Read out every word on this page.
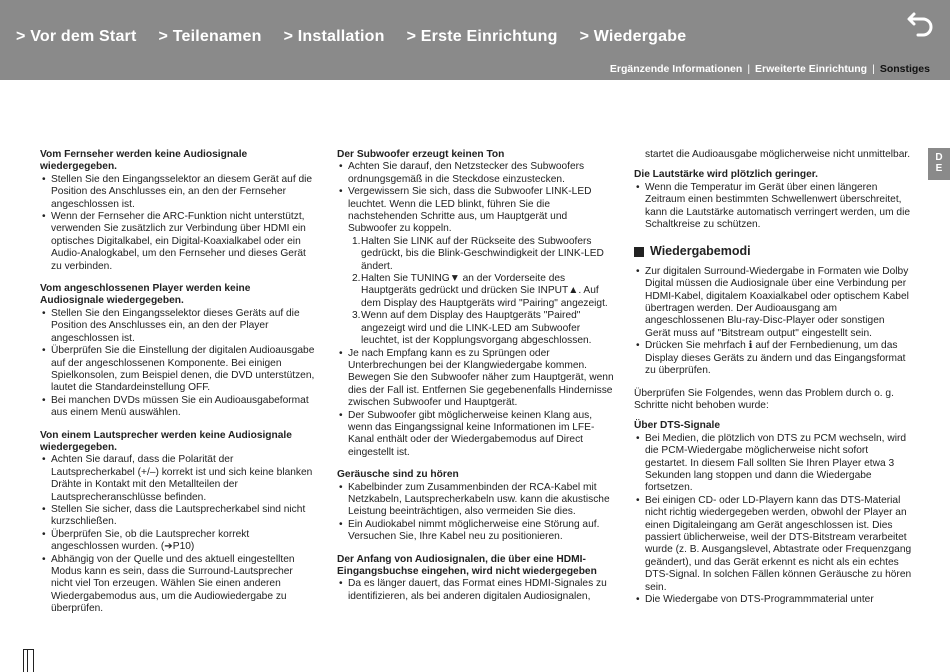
> Vor dem Start > Teilenamen > Installation > Erste Einrichtung > Wiedergabe
Ergänzende Informationen | Erweiterte Einrichtung | Sonstiges
D
E
Vom Fernseher werden keine Audiosignale wiedergegeben.
• Stellen Sie den Eingangsselektor an diesem Gerät auf die Position des Anschlusses ein, an den der Fernseher angeschlossen ist.
• Wenn der Fernseher die ARC-Funktion nicht unterstützt, verwenden Sie zusätzlich zur Verbindung über HDMI ein optisches Digitalkabel, ein Digital-Koaxialkabel oder ein Audio-Analogkabel, um den Fernseher und dieses Gerät zu verbinden.
Vom angeschlossenen Player werden keine Audiosignale wiedergegeben.
• Stellen Sie den Eingangsselektor dieses Geräts auf die Position des Anschlusses ein, an den der Player angeschlossen ist.
• Überprüfen Sie die Einstellung der digitalen Audioausgabe auf der angeschlossenen Komponente. Bei einigen Spielkonsolen, zum Beispiel denen, die DVD unterstützen, lautet die Standardeinstellung OFF.
• Bei manchen DVDs müssen Sie ein Audioausgabeformat aus einem Menü auswählen.
Von einem Lautsprecher werden keine Audiosignale wiedergegeben.
• Achten Sie darauf, dass die Polarität der Lautsprecherkabel (+/–) korrekt ist und sich keine blanken Drähte in Kontakt mit den Metallteilen der Lautsprecheranschlüsse befinden.
• Stellen Sie sicher, dass die Lautsprecherkabel sind nicht kurzschließen.
• Überprüfen Sie, ob die Lautsprecher korrekt angeschlossen wurden. (➔P10)
• Abhängig von der Quelle und des aktuell eingestellten Modus kann es sein, dass die Surround-Lautsprecher nicht viel Ton erzeugen. Wählen Sie einen anderen Wiedergabemodus aus, um die Audiowiedergabe zu überprüfen.
Der Subwoofer erzeugt keinen Ton
• Achten Sie darauf, den Netzstecker des Subwoofers ordnungsgemäß in die Steckdose einzustecken.
• Vergewissern Sie sich, dass die Subwoofer LINK-LED leuchtet. Wenn die LED blinkt, führen Sie die nachstehenden Schritte aus, um Hauptgerät und Subwoofer zu koppeln.
1. Halten Sie LINK auf der Rückseite des Subwoofers gedrückt, bis die Blink-Geschwindigkeit der LINK-LED ändert.
2. Halten Sie TUNING▼ an der Vorderseite des Hauptgeräts gedrückt und drücken Sie INPUT▲. Auf dem Display des Hauptgeräts wird "Pairing" angezeigt.
3. Wenn auf dem Display des Hauptgeräts "Paired" angezeigt wird und die LINK-LED am Subwoofer leuchtet, ist der Kopplungsvorgang abgeschlossen.
• Je nach Empfang kann es zu Sprüngen oder Unterbrechungen bei der Klangwiedergabe kommen. Bewegen Sie den Subwoofer näher zum Hauptgerät, wenn dies der Fall ist. Entfernen Sie gegebenenfalls Hindernisse zwischen Subwoofer und Hauptgerät.
• Der Subwoofer gibt möglicherweise keinen Klang aus, wenn das Eingangssignal keine Informationen im LFE-Kanal enthält oder der Wiedergabemodus auf Direct eingestellt ist.
Geräusche sind zu hören
• Kabelbinder zum Zusammenbinden der RCA-Kabel mit Netzkabeln, Lautsprecherkabeln usw. kann die akustische Leistung beeinträchtigen, also vermeiden Sie dies.
• Ein Audiokabel nimmt möglicherweise eine Störung auf. Versuchen Sie, Ihre Kabel neu zu positionieren.
Der Anfang von Audiosignalen, die über eine HDMI-Eingangsbuchse eingehen, wird nicht wiedergegeben
• Da es länger dauert, das Format eines HDMI-Signales zu identifizieren, als bei anderen digitalen Audiosignalen,

startet die Audioausgabe möglicherweise nicht unmittelbar.

Die Lautstärke wird plötzlich geringer.
• Wenn die Temperatur im Gerät über einen längeren Zeitraum einen bestimmten Schwellenwert überschreitet, kann die Lautstärke automatisch verringert werden, um die Schaltkreise zu schützen.
Wiedergabemodi
• Zur digitalen Surround-Wiedergabe in Formaten wie Dolby Digital müssen die Audiosignale über eine Verbindung per HDMI-Kabel, digitalem Koaxialkabel oder optischem Kabel übertragen werden. Der Audioausgang am angeschlossenen Blu-ray-Disc-Player oder sonstigen Gerät muss auf "Bitstream output" eingestellt sein.
• Drücken Sie mehrfach ℹ auf der Fernbedienung, um das Display dieses Geräts zu ändern und das Eingangsformat zu überprüfen.

Überprüfen Sie Folgendes, wenn das Problem durch o. g. Schritte nicht behoben wurde:

Über DTS-Signale
• Bei Medien, die plötzlich von DTS zu PCM wechseln, wird die PCM-Wiedergabe möglicherweise nicht sofort gestartet. In diesem Fall sollten Sie Ihren Player etwa 3 Sekunden lang stoppen und dann die Wiedergabe fortsetzen.
• Bei einigen CD- oder LD-Playern kann das DTS-Material nicht richtig wiedergegeben werden, obwohl der Player an einen Digitaleingang am Gerät angeschlossen ist. Dies passiert üblicherweise, weil der DTS-Bitstream verarbeitet wurde (z. B. Ausgangslevel, Abtastrate oder Frequenzgang geändert), und das Gerät erkennt es nicht als ein echtes DTS-Signal. In solchen Fällen können Geräusche zu hören sein.
• Die Wiedergabe von DTS-Programmmaterial unter
